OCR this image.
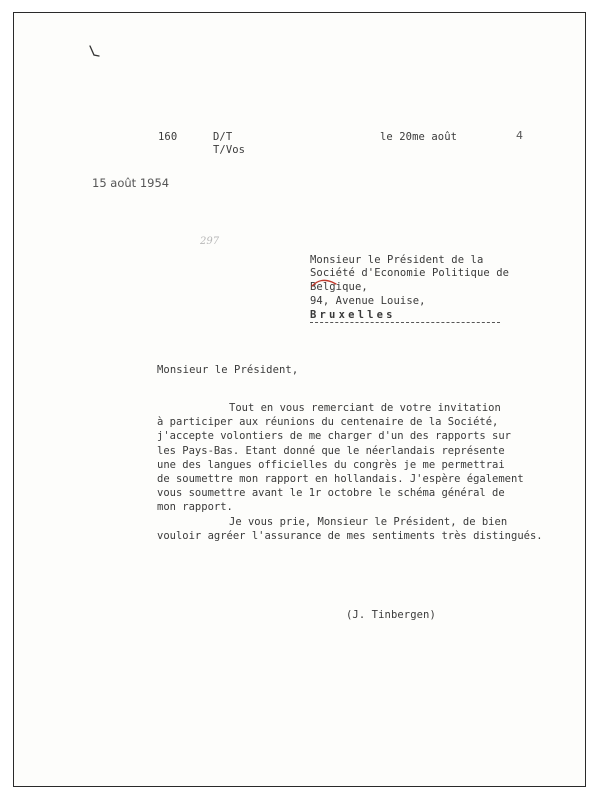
160	D/T
T/Vos
le 20me août	4
15 août 1954
297
Monsieur le Président de la
Société d'Economie Politique de
Belgique,
94, Avenue Louise,
Bruxelles
Monsieur le Président,
Tout en vous remerciant de votre invitation
à participer aux réunions du centenaire de la Société,
j'accepte volontiers de me charger d'un des rapports sur
les Pays-Bas. Etant donné que le néerlandais représente
une des langues officielles du congrès je me permettrai
de soumettre mon rapport en hollandais. J'espère également
vous soumettre avant le 1r octobre le schéma général de
mon rapport.
Je vous prie, Monsieur le Président, de bien
vouloir agréer l'assurance de mes sentiments très distingués.
(J. Tinbergen)
